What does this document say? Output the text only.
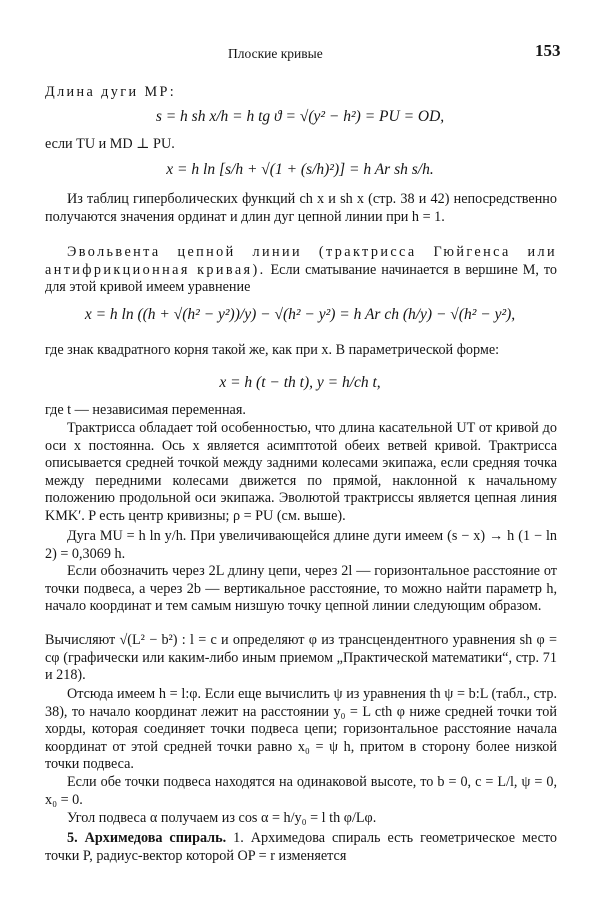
Плоские кривые	153

Длина дуги MP:

s = h sh x/h = h tg ϑ = √(y² − h²) = PU = OD,

если TU и MD ⊥ PU.

x = h ln [s/h + √(1 + (s/h)²)] = h Ar sh s/h.

Из таблиц гиперболических функций ch x и sh x (стр. 38 и 42) непосредственно получаются значения ординат и длин дуг цепной линии при h = 1.

Эвольвента цепной линии (трактрисса Гюйгенса или антифрикционная кривая). Если сматывание начинается в вершине M, то для этой кривой имеем уравнение

x = h ln ((h + √(h² − y²))/y) − √(h² − y²) = h Ar ch (h/y) − √(h² − y²),

где знак квадратного корня такой же, как при x. В параметрической форме:

x = h (t − th t), y = h/ch t,

где t — независимая переменная.

Трактрисса обладает той особенностью, что длина касательной UT от кривой до оси x постоянна. Ось x является асимптотой обеих ветвей кривой. Трактрисса описывается средней точкой между задними колесами экипажа, если средняя точка между передними колесами движется по прямой, наклонной к начальному положению продольной оси экипажа. Эволютой трактриссы является цепная линия KMK′. P есть центр кривизны; ρ = PU (см. выше).

Дуга MU = h ln y/h. При увеличивающейся длине дуги имеем (s − x) → h (1 − ln 2) = 0,3069 h.

Если обозначить через 2L длину цепи, через 2l — горизонтальное расстояние от точки подвеса, а через 2b — вертикальное расстояние, то можно найти параметр h, начало координат и тем самым низшую точку цепной линии следующим образом.

Вычисляют √(L² − b²) : l = c и определяют φ из трансцендентного уравнения sh φ = cφ (графически или каким-либо иным приемом „Практической математики“, стр. 71 и 218).

Отсюда имеем h = l:φ. Если еще вычислить ψ из уравнения th ψ = b:L (табл., стр. 38), то начало координат лежит на расстоянии y₀ = L cth φ ниже средней точки той хорды, которая соединяет точки подвеса цепи; горизонтальное расстояние начала координат от этой средней точки равно x₀ = ψ h, притом в сторону более низкой точки подвеса.

Если обе точки подвеса находятся на одинаковой высоте, то b = 0, c = L/l, ψ = 0, x₀ = 0.

Угол подвеса α получаем из cos α = h/y₀ = l th φ/Lφ.

5. Архимедова спираль. 1. Архимедова спираль есть геометрическое место точки P, радиус-вектор которой OP = r изменяется
